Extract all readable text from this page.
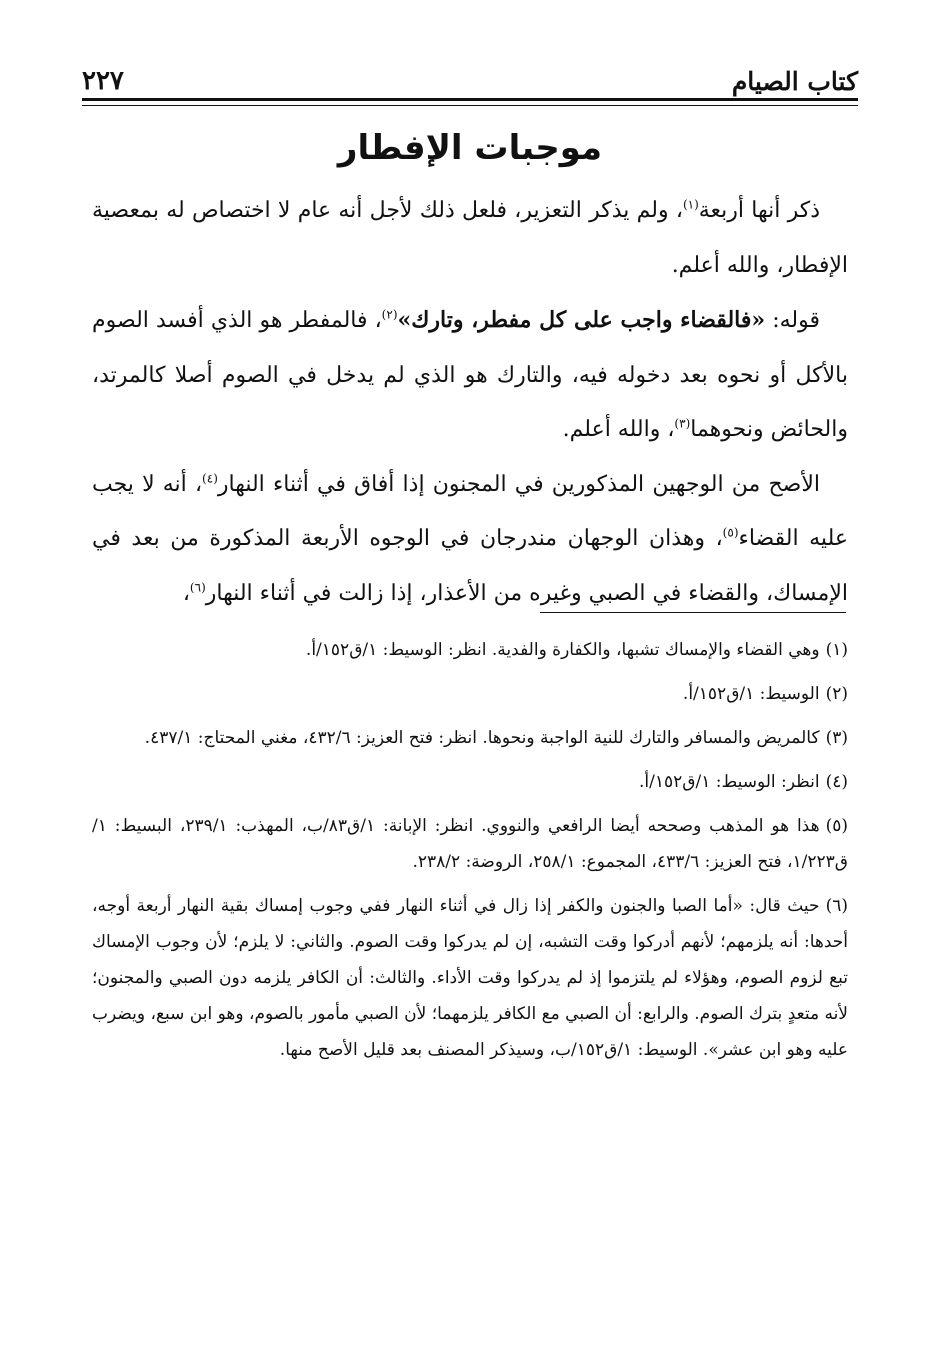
كتاب الصيام
٢٢٧
موجبات الإفطار

ذكر أنها أربعة$^{(١)}$، ولم يذكر التعزير، فلعل ذلك لأجل أنه عام لا اختصاص له بمعصية الإفطار، والله أعلم.

قوله: «فالقضاء واجب على كل مفطر، وتارك»$^{(٢)}$، فالمفطر هو الذي أفسد الصوم بالأكل أو نحوه بعد دخوله فيه، والتارك هو الذي لم يدخل في الصوم أصلا كالمرتد، والحائض ونحوهما$^{(٣)}$، والله أعلم.

الأصح من الوجهين المذكورين في المجنون إذا أفاق في أثناء النهار$^{(٤)}$، أنه لا يجب عليه القضاء$^{(٥)}$، وهذان الوجهان مندرجان في الوجوه الأربعة المذكورة من بعد في الإمساك، والقضاء في الصبي وغيره من الأعذار، إذا زالت في أثناء النهار$^{(٦)}$،

(١)وهي القضاء والإمساك تشبها، والكفارة والفدية. انظر: الوسيط: ١/ق١٥٢/أ.

(٢)الوسيط: ١/ق١٥٢/أ.

(٣)كالمريض والمسافر والتارك للنية الواجبة ونحوها. انظر: فتح العزيز: ٤٣٢/٦، مغني المحتاج: ٤٣٧/١.

(٤)انظر: الوسيط: ١/ق١٥٢/أ.

(٥)هذا هو المذهب وصححه أيضا الرافعي والنووي. انظر: الإبانة: ١/ق٨٣/ب، المهذب: ٢٣٩/١، البسيط: ١/ق١/٢٢٣، فتح العزيز: ٤٣٣/٦، المجموع: ٢٥٨/١، الروضة: ٢٣٨/٢.

(٦)حيث قال: «أما الصبا والجنون والكفر إذا زال في أثناء النهار ففي وجوب إمساك بقية النهار أربعة أوجه، أحدها: أنه يلزمهم؛ لأنهم أدركوا وقت التشبه، إن لم يدركوا وقت الصوم. والثاني: لا يلزم؛ لأن وجوب الإمساك تبع لزوم الصوم، وهؤلاء لم يلتزموا إذ لم يدركوا وقت الأداء. والثالث: أن الكافر يلزمه دون الصبي والمجنون؛ لأنه متعدٍ بترك الصوم. والرابع: أن الصبي مع الكافر يلزمهما؛ لأن الصبي مأمور بالصوم، وهو ابن سبع، ويضرب عليه وهو ابن عشر». الوسيط: ١/ق١٥٢/ب، وسيذكر المصنف بعد قليل الأصح منها.
